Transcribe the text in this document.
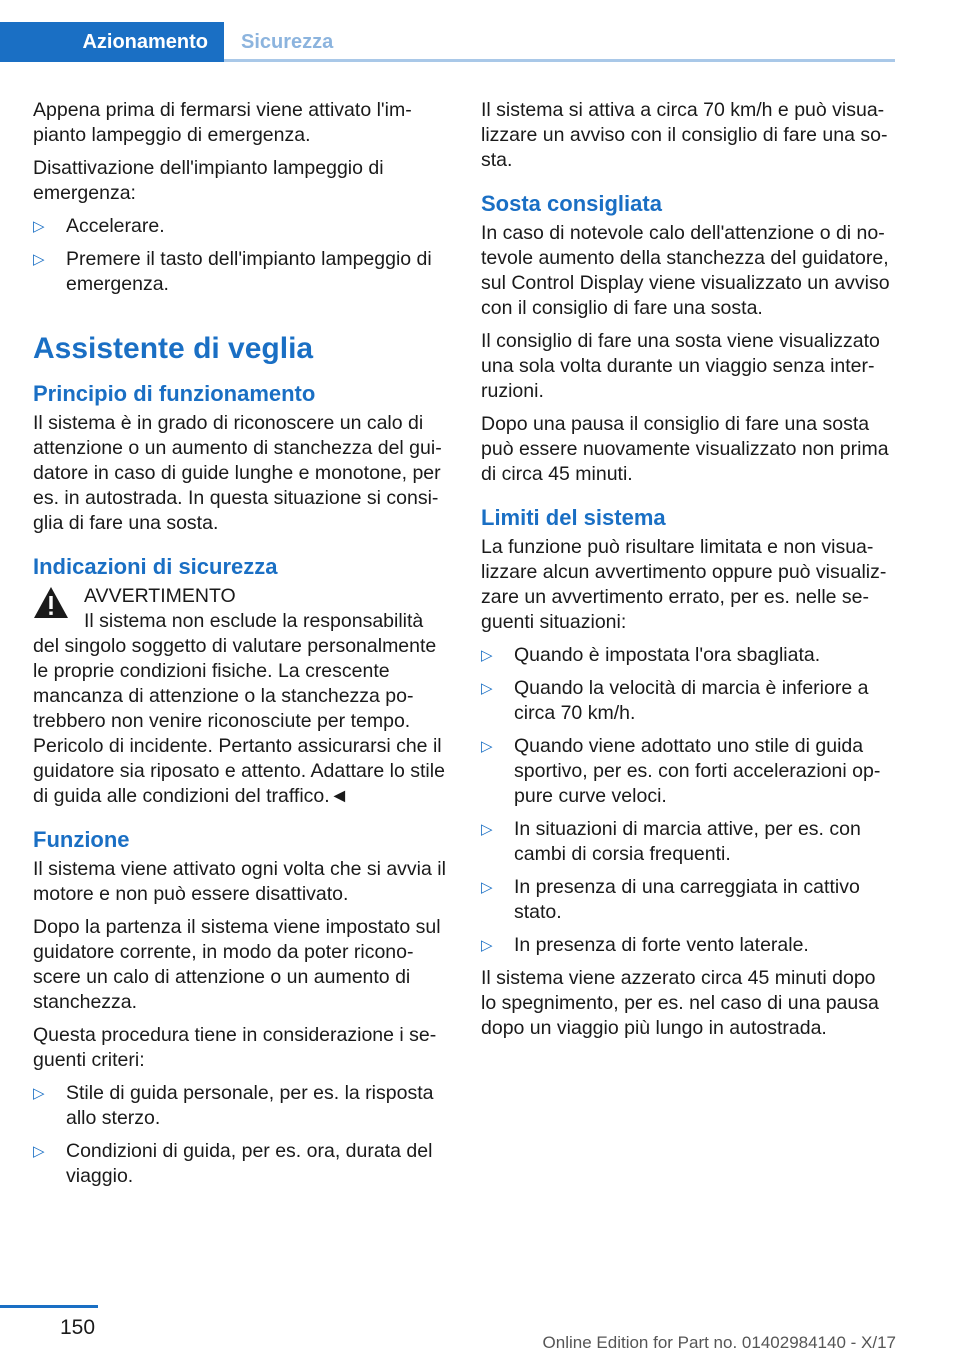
Azionamento	Sicurezza

Appena prima di fermarsi viene attivato l'impianto lampeggio di emergenza.

Disattivazione dell'impianto lampeggio di emergenza:

▷ Accelerare.
▷ Premere il tasto dell'impianto lampeggio di emergenza.
Assistente di veglia
Principio di funzionamento

Il sistema è in grado di riconoscere un calo di attenzione o un aumento di stanchezza del guidatore in caso di guide lunghe e monotone, per es. in autostrada. In questa situazione si consiglia di fare una sosta.

Indicazioni di sicurezza
AVVERTIMENTO
Il sistema non esclude la responsabilità

del singolo soggetto di valutare personalmente le proprie condizioni fisiche. La crescente mancanza di attenzione o la stanchezza potrebbero non venire riconosciute per tempo. Pericolo di incidente. Pertanto assicurarsi che il guidatore sia riposato e attento. Adattare lo stile di guida alle condizioni del traffico.◄

Funzione

Il sistema viene attivato ogni volta che si avvia il motore e non può essere disattivato.

Dopo la partenza il sistema viene impostato sul guidatore corrente, in modo da poter riconoscere un calo di attenzione o un aumento di stanchezza.

Questa procedura tiene in considerazione i seguenti criteri:

▷ Stile di guida personale, per es. la risposta allo sterzo.
▷ Condizioni di guida, per es. ora, durata del viaggio.

Il sistema si attiva a circa 70 km/h e può visualizzare un avviso con il consiglio di fare una sosta.

Sosta consigliata

In caso di notevole calo dell'attenzione o di notevole aumento della stanchezza del guidatore, sul Control Display viene visualizzato un avviso con il consiglio di fare una sosta.

Il consiglio di fare una sosta viene visualizzato una sola volta durante un viaggio senza interruzioni.

Dopo una pausa il consiglio di fare una sosta può essere nuovamente visualizzato non prima di circa 45 minuti.

Limiti del sistema

La funzione può risultare limitata e non visualizzare alcun avvertimento oppure può visualizzare un avvertimento errato, per es. nelle seguenti situazioni:

▷ Quando è impostata l'ora sbagliata.
▷ Quando la velocità di marcia è inferiore a circa 70 km/h.
▷ Quando viene adottato uno stile di guida sportivo, per es. con forti accelerazioni oppure curve veloci.
▷ In situazioni di marcia attive, per es. con cambi di corsia frequenti.
▷ In presenza di una carreggiata in cattivo stato.
▷ In presenza di forte vento laterale.

Il sistema viene azzerato circa 45 minuti dopo lo spegnimento, per es. nel caso di una pausa dopo un viaggio più lungo in autostrada.

150
Online Edition for Part no. 01402984140 - X/17
